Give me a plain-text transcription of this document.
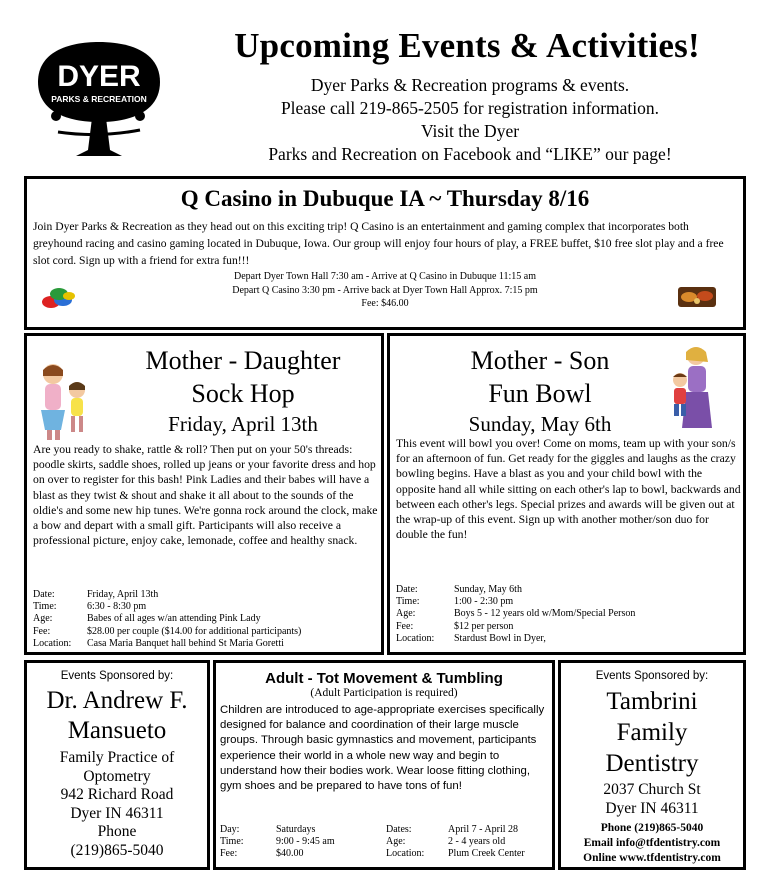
DYER
PARKS & RECREATION
Upcoming Events & Activities!
Dyer Parks & Recreation programs & events.
Please call 219-865-2505 for registration information.
Visit the Dyer
Parks and Recreation on Facebook and “LIKE” our page!
Q Casino in Dubuque IA ~ Thursday 8/16
Join Dyer Parks & Recreation as they head out on this exciting trip! Q Casino is an entertainment and gaming complex that incorporates both greyhound racing and casino gaming located in Dubuque, Iowa. Our group will enjoy four hours of play, a FREE buffet, $10 free slot play and a free slot cord. Sign up with a friend for extra fun!!!
Depart Dyer Town Hall 7:30 am - Arrive at Q Casino in Dubuque 11:15 am
Depart Q Casino 3:30 pm - Arrive back at Dyer Town Hall Approx. 7:15 pm
Fee: $46.00
Mother - Daughter
Sock Hop
Friday, April 13th
Are you ready to shake, rattle & roll? Then put on your 50's threads: poodle skirts, saddle shoes, rolled up jeans or your favorite dress and hop on over to register for this bash! Pink Ladies and their babes will have a blast as they twist & shout and shake it all about to the sounds of the oldie's and some new hip tunes. We're gonna rock around the clock, make a bow and depart with a small gift. Participants will also receive a professional picture, enjoy cake, lemonade, coffee and healthy snack.
Date:	Friday, April 13th
Time:	6:30 - 8:30 pm
Age:	Babes of all ages w/an attending Pink Lady
Fee:	$28.00 per couple ($14.00 for additional participants)
Location:	Casa Maria Banquet hall behind St Maria Goretti
Mother - Son
Fun Bowl
Sunday, May 6th
This event will bowl you over! Come on moms, team up with your son/s for an afternoon of fun. Get ready for the giggles and laughs as the crazy bowling begins. Have a blast as you and your child bowl with the opposite hand all while sitting on each other's lap to bowl, backwards and between each other's legs. Special prizes and awards will be given out at the wrap-up of this event. Sign up with another mother/son duo for double the fun!
Date:	Sunday, May 6th
Time:	1:00 - 2:30 pm
Age:	Boys 5 - 12 years old w/Mom/Special Person
Fee:	$12 per person
Location:	Stardust Bowl in Dyer,
Events Sponsored by:
Dr. Andrew F.
Mansueto
Family Practice of
Optometry
942 Richard Road
Dyer IN 46311
Phone
(219)865-5040
Adult - Tot Movement & Tumbling
(Adult Participation is required)
Children are introduced to age-appropriate exercises specifically designed for balance and coordination of their large muscle groups. Through basic gymnastics and movement, participants experience their world in a whole new way and begin to understand how their bodies work. Wear loose fitting clothing, gym shoes and be prepared to have tons of fun!
Day:	Saturdays	Dates:	April 7 - April 28
Time:	9:00 - 9:45 am	Age:	2 - 4 years old
Fee:	$40.00	Location:	Plum Creek Center
Events Sponsored by:
Tambrini
Family
Dentistry
2037 Church St
Dyer IN 46311
Phone (219)865-5040
Email info@tfdentistry.com
Online www.tfdentistry.com
